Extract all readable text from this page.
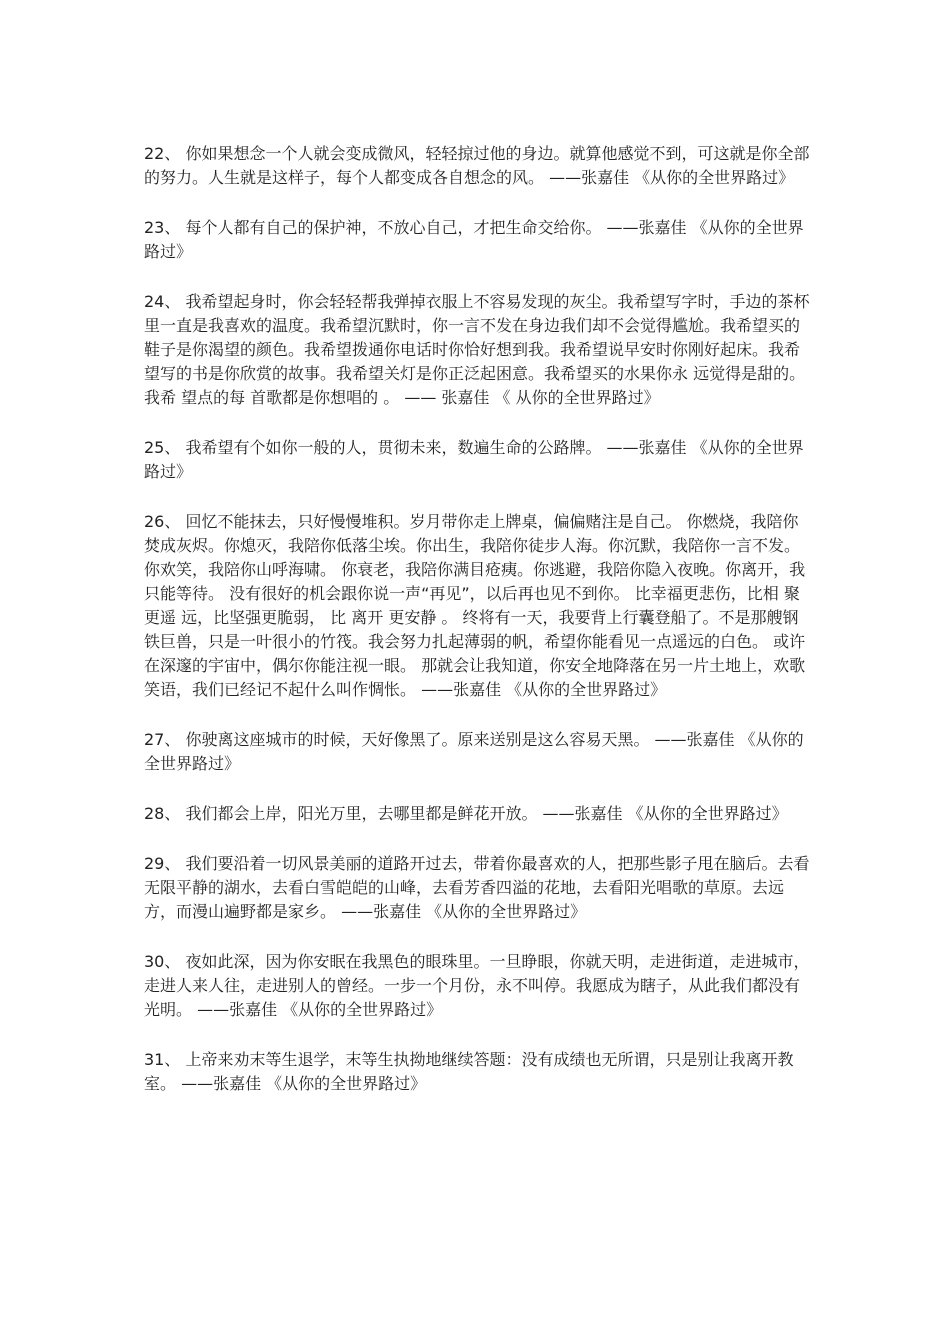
22、 你如果想念一个人就会变成微风，轻轻掠过他的身边。就算他感觉不到，可这就是你全部的努力。人生就是这样子，每个人都变成各自想念的风。 ——张嘉佳 《从你的全世界路过》

23、 每个人都有自己的保护神，不放心自己，才把生命交给你。 ——张嘉佳 《从你的全世界路过》

24、 我希望起身时，你会轻轻帮我弹掉衣服上不容易发现的灰尘。我希望写字时，手边的茶杯里一直是我喜欢的温度。我希望沉默时，你一言不发在身边我们却不会觉得尴尬。我希望买的鞋子是你渴望的颜色。我希望拨通你电话时你恰好想到我。我希望说早安时你刚好起床。我希望写的书是你欣赏的故事。我希望关灯是你正泛起困意。我希望买的水果你永 远觉得是甜的。我希 望点的每 首歌都是你想唱的 。 —— 张嘉佳 《 从你的全世界路过》

25、 我希望有个如你一般的人，贯彻未来，数遍生命的公路牌。 ——张嘉佳 《从你的全世界路过》

26、 回忆不能抹去，只好慢慢堆积。岁月带你走上牌桌，偏偏赌注是自己。 你燃烧，我陪你焚成灰烬。你熄灭，我陪你低落尘埃。你出生，我陪你徒步人海。你沉默，我陪你一言不发。你欢笑，我陪你山呼海啸。 你衰老，我陪你满目疮痍。你逃避，我陪你隐入夜晚。你离开，我只能等待。 没有很好的机会跟你说一声“再见”，以后再也见不到你。 比幸福更悲伤，比相 聚更遥 远，比坚强更脆弱， 比 离开 更安静 。 终将有一天，我要背上行囊登船了。不是那艘钢铁巨兽，只是一叶很小的竹筏。我会努力扎起薄弱的帆，希望你能看见一点遥远的白色。 或许在深邃的宇宙中，偶尔你能注视一眼。 那就会让我知道，你安全地降落在另一片土地上，欢歌笑语，我们已经记不起什么叫作惆怅。 ——张嘉佳 《从你的全世界路过》

27、 你驶离这座城市的时候，天好像黑了。原来送别是这么容易天黑。 ——张嘉佳 《从你的全世界路过》

28、 我们都会上岸，阳光万里，去哪里都是鲜花开放。 ——张嘉佳 《从你的全世界路过》

29、 我们要沿着一切风景美丽的道路开过去，带着你最喜欢的人，把那些影子甩在脑后。去看无限平静的湖水，去看白雪皑皑的山峰，去看芳香四溢的花地，去看阳光唱歌的草原。去远方，而漫山遍野都是家乡。 ——张嘉佳 《从你的全世界路过》

30、 夜如此深，因为你安眠在我黑色的眼珠里。一旦睁眼，你就天明，走进街道，走进城市，走进人来人往，走进别人的曾经。一步一个月份，永不叫停。我愿成为瞎子，从此我们都没有光明。 ——张嘉佳 《从你的全世界路过》

31、 上帝来劝末等生退学，末等生执拗地继续答题：没有成绩也无所谓，只是别让我离开教室。 ——张嘉佳 《从你的全世界路过》
